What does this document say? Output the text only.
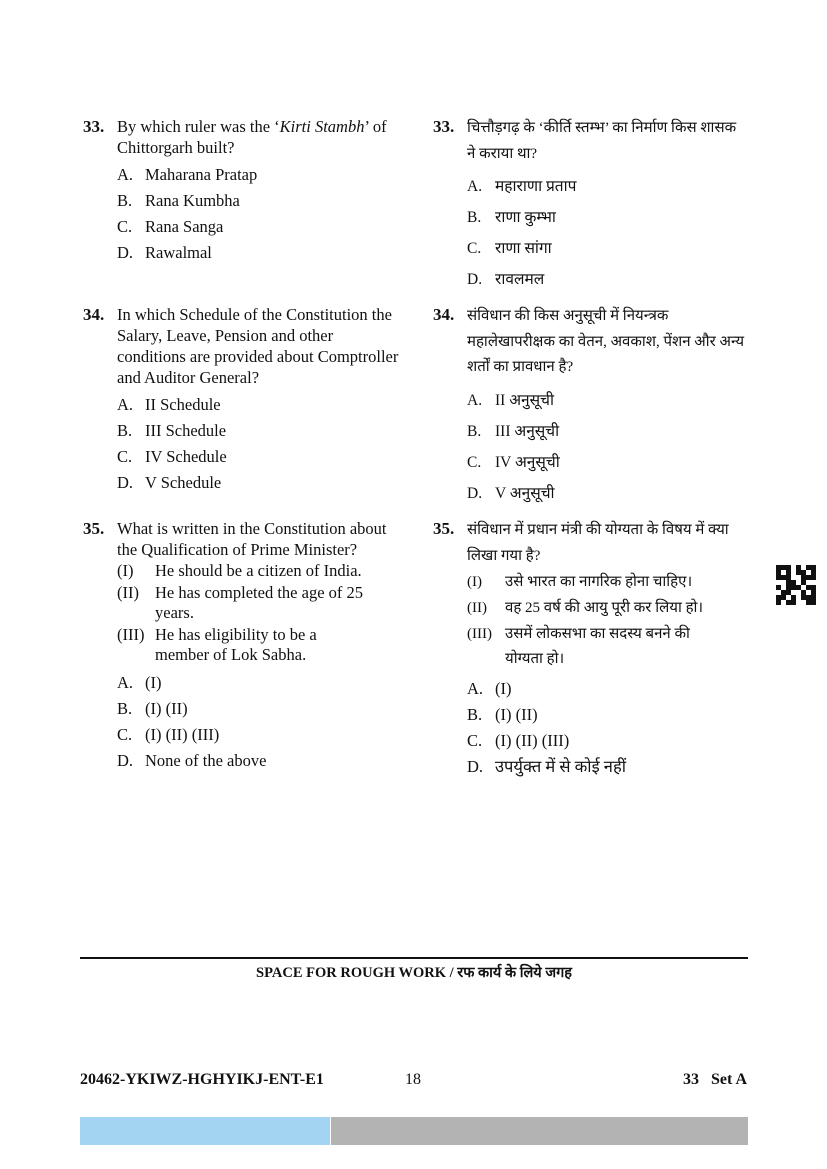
33. By which ruler was the ‘Kirti Stambh’ of Chittorgarh built?
A. Maharana Pratap
B. Rana Kumbha
C. Rana Sanga
D. Rawalmal
34. In which Schedule of the Constitution the Salary, Leave, Pension and other conditions are provided about Comptroller and Auditor General?
A. II Schedule
B. III Schedule
C. IV Schedule
D. V Schedule
35. What is written in the Constitution about the Qualification of Prime Minister?
(I)	He should be a citizen of India.
(II) He has completed the age of 25 years.
(III) He has eligibility to be a member of Lok Sabha.
A. (I)
B. (I) (II)
C. (I) (II) (III)
D. None of the above
33. चित्तौड़गढ़ के ‘कीर्ति स्तम्भ’ का निर्माण किस शासक ने कराया था?
A. महाराणा प्रताप
B. राणा कुम्भा
C. राणा सांगा
D. रावलमल
34. संविधान की किस अनुसूची में नियन्त्रक महालेखापरीक्षक का वेतन, अवकाश, पेंशन और अन्य शर्तों का प्रावधान है?
A. II अनुसूची
B. III अनुसूची
C. IV अनुसूची
D. V अनुसूची
35. संविधान में प्रधान मंत्री की योग्यता के विषय में क्या लिखा गया है?
(I)	उसे भारत का नागरिक होना चाहिए।
(II)	वह 25 वर्ष की आयु पूरी कर लिया हो।
(III) उसमें लोकसभा का सदस्य बनने की योग्यता हो।
A. (I)
B. (I) (II)
C. (I) (II) (III)
D. उपर्युक्त में से कोई नहीं
SPACE FOR ROUGH WORK / रफ कार्य के लिये जगह
20462-YKIWZ-HGHYIKJ-ENT-E1	18	33   Set A
